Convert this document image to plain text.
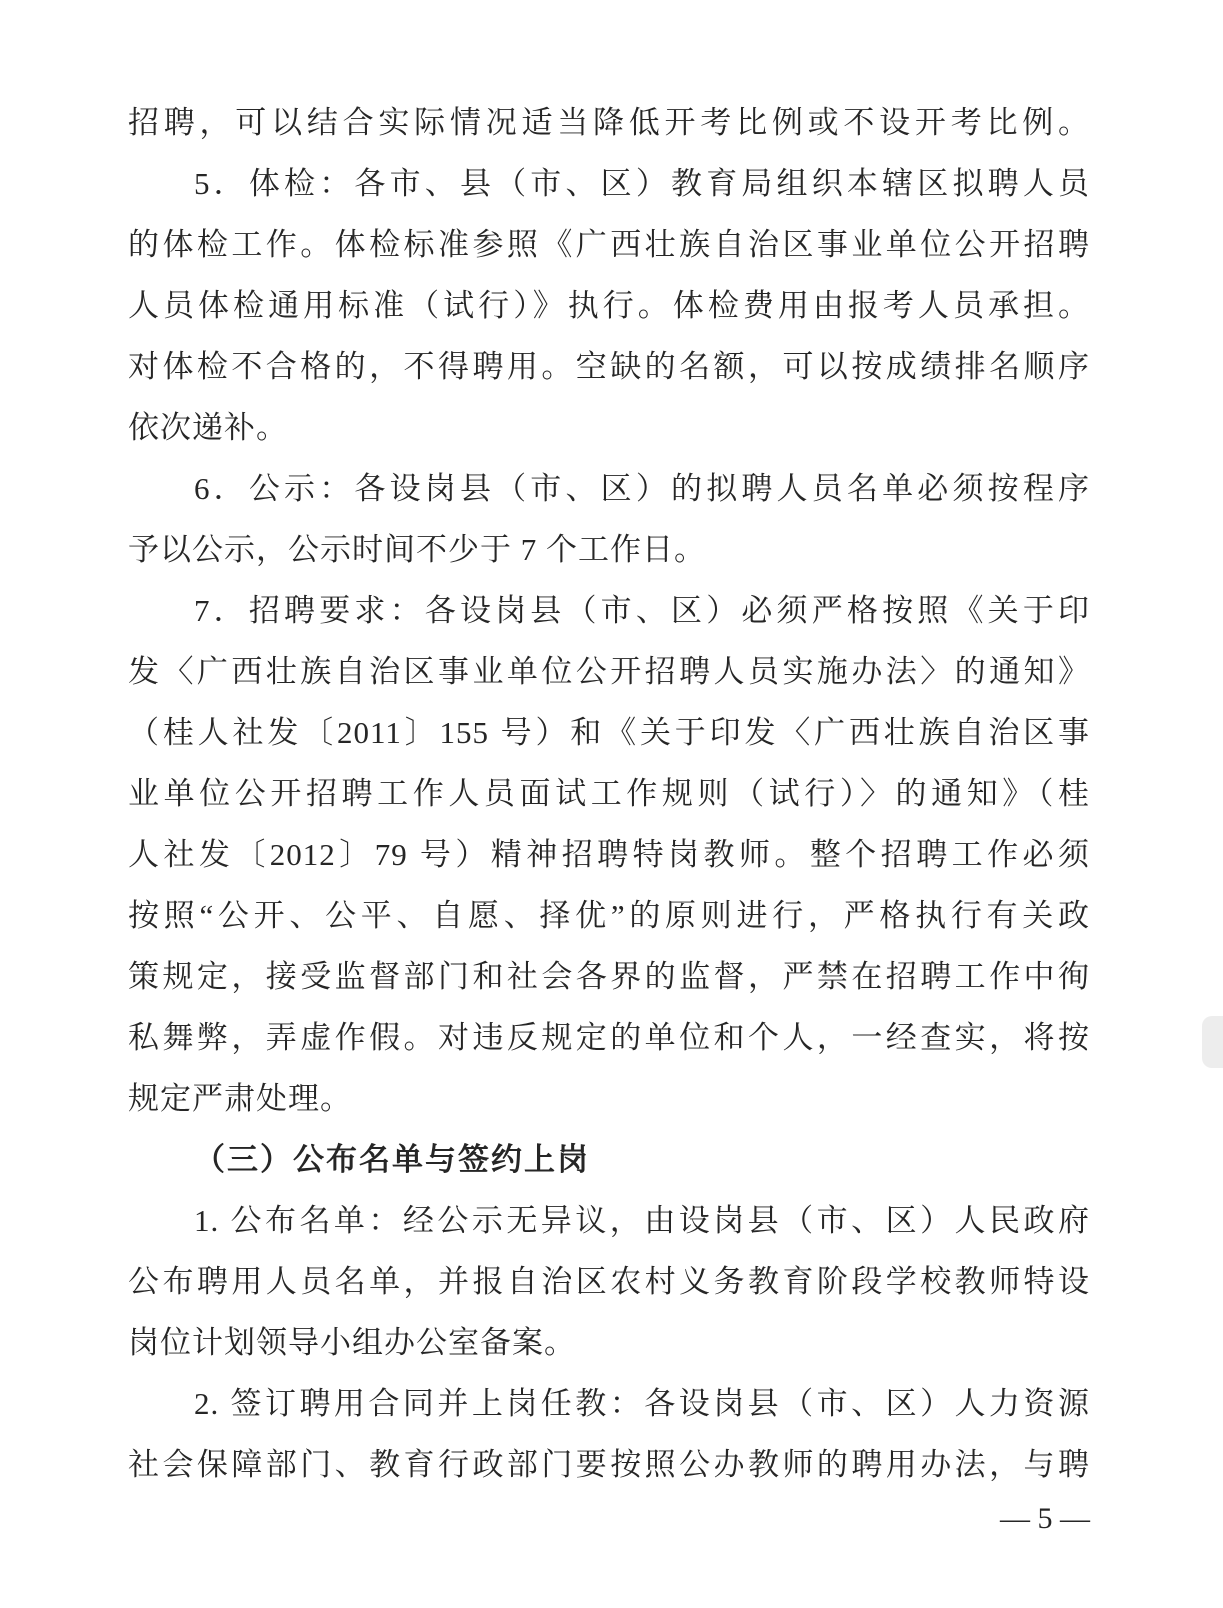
招聘，可以结合实际情况适当降低开考比例或不设开考比例。
5．体检：各市、县（市、区）教育局组织本辖区拟聘人员
的体检工作。体检标准参照《广西壮族自治区事业单位公开招聘
人员体检通用标准（试行）》执行。体检费用由报考人员承担。
对体检不合格的，不得聘用。空缺的名额，可以按成绩排名顺序
依次递补。
6．公示：各设岗县（市、区）的拟聘人员名单必须按程序
予以公示，公示时间不少于 7 个工作日。
7．招聘要求：各设岗县（市、区）必须严格按照《关于印
发〈广西壮族自治区事业单位公开招聘人员实施办法〉的通知》
（桂人社发〔2011〕155 号）和《关于印发〈广西壮族自治区事
业单位公开招聘工作人员面试工作规则（试行）〉的通知》（桂
人社发〔2012〕79 号）精神招聘特岗教师。整个招聘工作必须
按照“公开、公平、自愿、择优”的原则进行，严格执行有关政
策规定，接受监督部门和社会各界的监督，严禁在招聘工作中徇
私舞弊，弄虚作假。对违反规定的单位和个人，一经查实，将按
规定严肃处理。
（三）公布名单与签约上岗
1. 公布名单：经公示无异议，由设岗县（市、区）人民政府
公布聘用人员名单，并报自治区农村义务教育阶段学校教师特设
岗位计划领导小组办公室备案。
2. 签订聘用合同并上岗任教：各设岗县（市、区）人力资源
社会保障部门、教育行政部门要按照公办教师的聘用办法，与聘
— 5 —
